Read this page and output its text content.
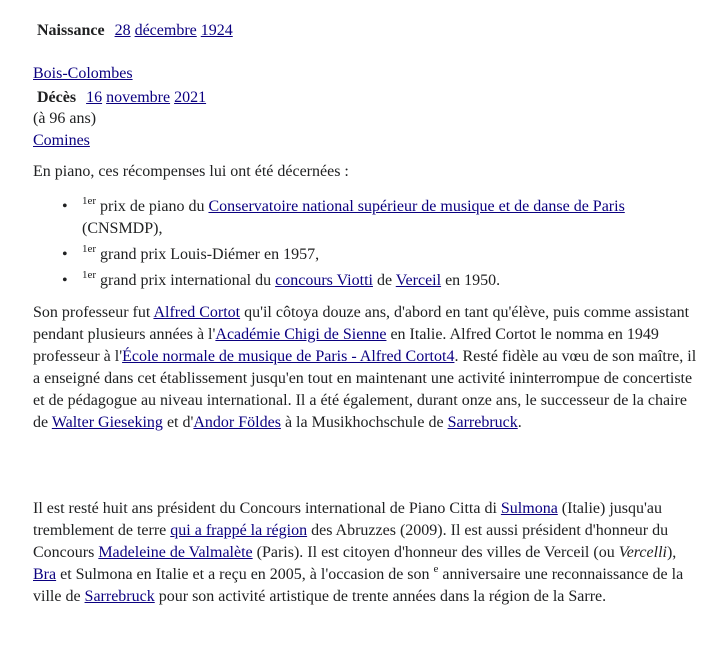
Naissance 28 décembre 1924
Bois-Colombes
Décès 16 novembre 2021
(à 96 ans)
Comines
En piano, ces récompenses lui ont été décernées :
• $^{1er}$ prix de piano du Conservatoire national supérieur de musique et de danse de Paris
(CNSMDP),
• $^{1er}$ grand prix Louis-Diémer en 1957,
• $^{1er}$ grand prix international du concours Viotti de Verceil en 1950.

Son professeur fut Alfred Cortot qu'il côtoya douze ans, d'abord en tant qu'élève, puis comme assistant pendant plusieurs années à l'Académie Chigi de Sienne en Italie. Alfred Cortot le nomma en 1949 professeur à l'École normale de musique de Paris - Alfred Cortot4. Resté fidèle au vœu de son maître, il a enseigné dans cet établissement jusqu'en tout en maintenant une activité ininterrompue de concertiste et de pédagogue au niveau international. Il a été également, durant onze ans, le successeur de la chaire de Walter Gieseking et d'Andor Földes à la Musikhochschule de Sarrebruck.

Il est resté huit ans président du Concours international de Piano Citta di Sulmona (Italie) jusqu'au tremblement de terre qui a frappé la région des Abruzzes (2009). Il est aussi président d'honneur du Concours Madeleine de Valmalète (Paris). Il est citoyen d'honneur des villes de Verceil (ou Vercelli), Bra et Sulmona en Italie et a reçu en 2005, à l'occasion de son $^e$ anniversaire une reconnaissance de la ville de Sarrebruck pour son activité artistique de trente années dans la région de la Sarre.
